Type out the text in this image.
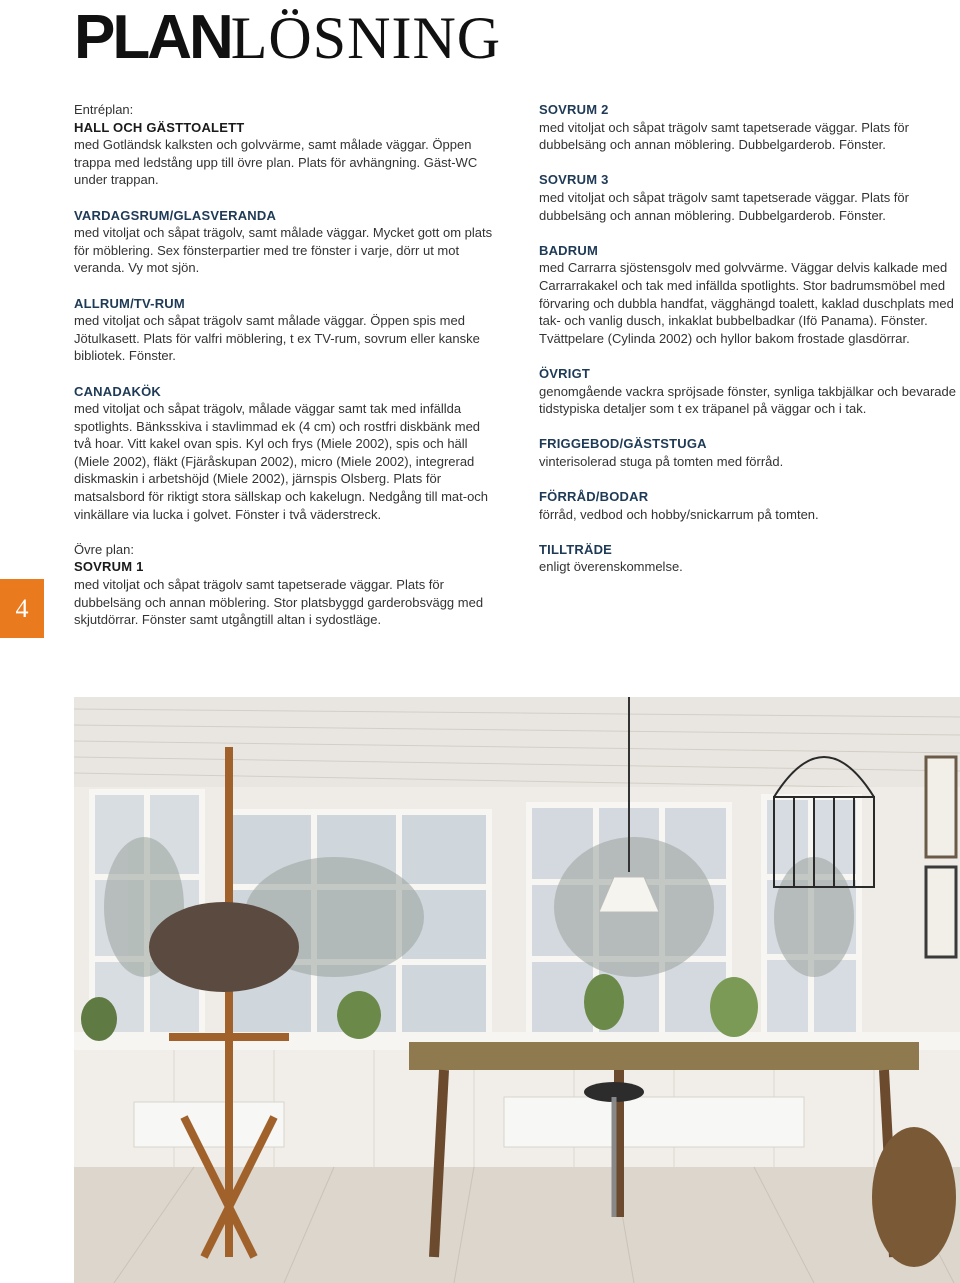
PLANLÖSNING
Entréplan:
HALL OCH GÄSTTOALETT
med Gotländsk kalksten och golvvärme, samt målade väggar. Öppen trappa med ledstång upp till övre plan. Plats för avhängning. Gäst-WC under trappan.
VARDAGSRUM/GLASVERANDA
med vitoljat och såpat trägolv, samt målade väggar. Mycket gott om plats för möblering. Sex fönsterpartier med tre fönster i varje, dörr ut mot veranda. Vy mot sjön.
ALLRUM/TV-RUM
med vitoljat och såpat trägolv samt målade väggar. Öppen spis med Jötulkasett. Plats för valfri möblering, t ex TV-rum, sovrum eller kanske bibliotek. Fönster.
CANADAKÖK
med vitoljat och såpat trägolv, målade väggar samt tak med infällda spotlights. Bänksskiva i stavlimmad ek (4 cm) och rostfri diskbänk med två hoar. Vitt kakel ovan spis. Kyl och frys (Miele 2002), spis och häll (Miele 2002), fläkt (Fjäråskupan 2002), micro (Miele 2002), integrerad diskmaskin i arbetshöjd (Miele 2002), järnspis Olsberg. Plats för matsalsbord för riktigt stora sällskap och kakelugn. Nedgång till mat-och vinkällare via lucka i golvet. Fönster i två väderstreck.
Övre plan:
SOVRUM 1
med vitoljat och såpat trägolv samt tapetserade väggar. Plats för dubbelsäng och annan möblering. Stor platsbyggd garderobsvägg med skjutdörrar. Fönster samt utgångtill altan i sydostläge.
SOVRUM 2
med vitoljat och såpat trägolv samt tapetserade väggar. Plats för dubbelsäng och annan möblering. Dubbelgarderob. Fönster.
SOVRUM 3
med vitoljat och såpat trägolv samt tapetserade väggar. Plats för dubbelsäng och annan möblering. Dubbelgarderob. Fönster.
BADRUM
med Carrarra sjöstensgolv med golvvärme. Väggar delvis kalkade med Carrarrakakel och tak med infällda spotlights. Stor badrumsmöbel med förvaring och dubbla handfat, vägghängd toalett, kaklad duschplats med tak- och vanlig dusch, inkaklat bubbelbadkar (Ifö Panama). Fönster. Tvättpelare (Cylinda 2002) och hyllor bakom frostade glasdörrar.
ÖVRIGT
genomgående vackra spröjsade fönster, synliga takbjälkar och bevarade tidstypiska detaljer som t ex träpanel på väggar och i tak.
FRIGGEBOD/GÄSTSTUGA
vinterisolerad stuga på tomten med förråd.
FÖRRÅD/BODAR
förråd, vedbod och hobby/snickarrum på tomten.
TILLTRÄDE
enligt överenskommelse.
4
